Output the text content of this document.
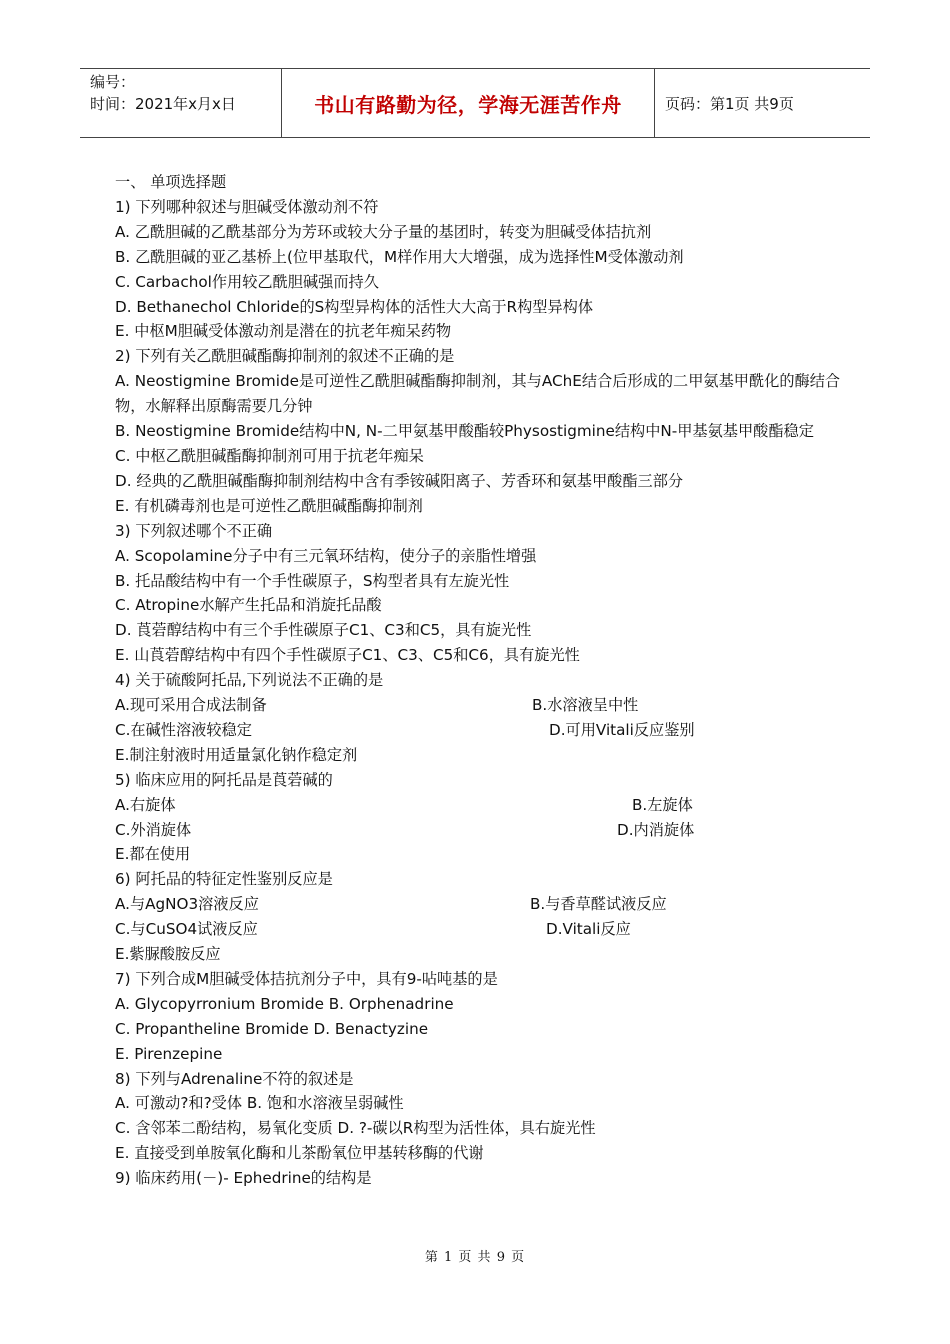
编号：
时间：2021年x月x日	书山有路勤为径，学海无涯苦作舟	页码：第1页 共9页
一、 单项选择题
1) 下列哪种叙述与胆碱受体激动剂不符
A. 乙酰胆碱的乙酰基部分为芳环或较大分子量的基团时，转变为胆碱受体拮抗剂
B. 乙酰胆碱的亚乙基桥上(位甲基取代，M样作用大大增强，成为选择性M受体激动剂
C. Carbachol作用较乙酰胆碱强而持久
D. Bethanechol Chloride的S构型异构体的活性大大高于R构型异构体
E. 中枢M胆碱受体激动剂是潜在的抗老年痴呆药物
2) 下列有关乙酰胆碱酯酶抑制剂的叙述不正确的是
A. Neostigmine Bromide是可逆性乙酰胆碱酯酶抑制剂，其与AChE结合后形成的二甲氨基甲酰化的酶结合物，水解释出原酶需要几分钟
B. Neostigmine Bromide结构中N, N-二甲氨基甲酸酯较Physostigmine结构中N-甲基氨基甲酸酯稳定
C. 中枢乙酰胆碱酯酶抑制剂可用于抗老年痴呆
D. 经典的乙酰胆碱酯酶抑制剂结构中含有季铵碱阳离子、芳香环和氨基甲酸酯三部分
E. 有机磷毒剂也是可逆性乙酰胆碱酯酶抑制剂
3) 下列叙述哪个不正确
A. Scopolamine分子中有三元氧环结构，使分子的亲脂性增强
B. 托品酸结构中有一个手性碳原子，S构型者具有左旋光性
C. Atropine水解产生托品和消旋托品酸
D. 莨菪醇结构中有三个手性碳原子C1、C3和C5，具有旋光性
E. 山莨菪醇结构中有四个手性碳原子C1、C3、C5和C6，具有旋光性
4) 关于硫酸阿托品,下列说法不正确的是
A.现可采用合成法制备	B.水溶液呈中性
C.在碱性溶液较稳定	D.可用Vitali反应鉴别
E.制注射液时用适量氯化钠作稳定剂
5) 临床应用的阿托品是莨菪碱的
A.右旋体	B.左旋体
C.外消旋体	D.内消旋体
E.都在使用
6) 阿托品的特征定性鉴别反应是
A.与AgNO3溶液反应	B.与香草醛试液反应
C.与CuSO4试液反应	D.Vitali反应
E.紫脲酸胺反应
7) 下列合成M胆碱受体拮抗剂分子中，具有9-呫吨基的是
A. Glycopyrronium Bromide B. Orphenadrine
C. Propantheline Bromide D. Benactyzine
E. Pirenzepine
8) 下列与Adrenaline不符的叙述是
A. 可激动?和?受体 B. 饱和水溶液呈弱碱性
C. 含邻苯二酚结构，易氧化变质 D. ?-碳以R构型为活性体，具右旋光性
E. 直接受到单胺氧化酶和儿茶酚氧位甲基转移酶的代谢
9) 临床药用(－)- Ephedrine的结构是
第 1 页 共 9 页
